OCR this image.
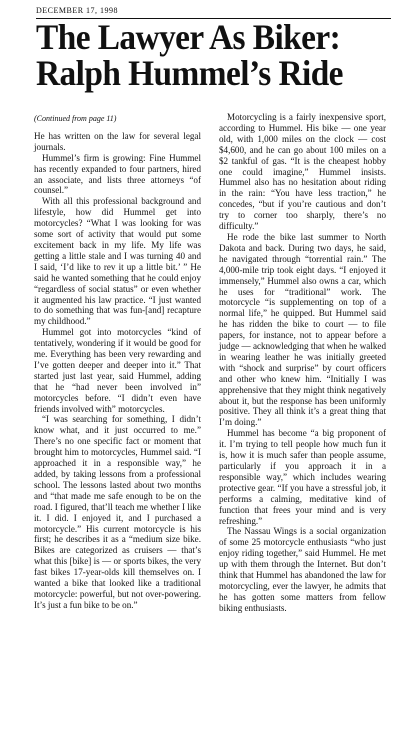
DECEMBER 17, 1998
The Lawyer As Biker:
Ralph Hummel’s Ride

(Continued from page 11)

He has written on the law for several legal journals.

Hummel’s firm is growing: Fine Hummel has recently expanded to four partners, hired an associate, and lists three attorneys “of counsel.”

With all this professional background and lifestyle, how did Hummel get into motorcycles? “What I was looking for was some sort of activity that would put some excitement back in my life. My life was getting a little stale and I was turning 40 and I said, ‘I’d like to rev it up a little bit.’ ” He said he wanted something that he could enjoy “regardless of social status” or even whether it augmented his law practice. “I just wanted to do something that was fun-[and] recapture my childhood.”

Hummel got into motorcycles “kind of tentatively, wondering if it would be good for me. Everything has been very rewarding and I’ve gotten deeper and deeper into it.” That started just last year, said Hummel, adding that he “had never been involved in” motorcycles before. “I didn’t even have friends involved with” motorcycles.

“I was searching for something, I didn’t know what, and it just occurred to me.” There’s no one specific fact or moment that brought him to motorcycles, Hummel said. “I approached it in a responsible way,” he added, by taking lessons from a professional school. The lessons lasted about two months and “that made me safe enough to be on the road. I figured, that’ll teach me whether I like it. I did. I enjoyed it, and I purchased a motorcycle.” His current motorcycle is his first; he describes it as a “medium size bike. Bikes are categorized as cruisers — that’s what this [bike] is — or sports bikes, the very fast bikes 17-year-olds kill themselves on. I wanted a bike that looked like a traditional motorcycle: powerful, but not over-powering. It’s just a fun bike to be on.”

Motorcycling is a fairly inexpensive sport, according to Hummel. His bike — one year old, with 1,000 miles on the clock — cost $4,600, and he can go about 100 miles on a $2 tankful of gas. “It is the cheapest hobby one could imagine,” Hummel insists. Hummel also has no hesitation about riding in the rain: “You have less traction,” he concedes, “but if you’re cautious and don’t try to corner too sharply, there’s no difficulty.”

He rode the bike last summer to North Dakota and back. During two days, he said, he navigated through “torrential rain.” The 4,000-mile trip took eight days. “I enjoyed it immensely,” Hummel also owns a car, which he uses for “traditional” work. The motorcycle “is supplementing on top of a normal life,” he quipped. But Hummel said he has ridden the bike to court — to file papers, for instance, not to appear before a judge — acknowledging that when he walked in wearing leather he was initially greeted with “shock and surprise” by court officers and other who knew him. “Initially I was apprehensive that they might think negatively about it, but the response has been uniformly positive. They all think it’s a great thing that I’m doing.”

Hummel has become “a big proponent of it. I’m trying to tell people how much fun it is, how it is much safer than people assume, particularly if you approach it in a responsible way,” which includes wearing protective gear. “If you have a stressful job, it performs a calming, meditative kind of function that frees your mind and is very refreshing.”

The Nassau Wings is a social organization of some 25 motorcycle enthusiasts “who just enjoy riding together,” said Hummel. He met up with them through the Internet. But don’t think that Hummel has abandoned the law for motorcycling, ever the lawyer, he admits that he has gotten some matters from fellow biking enthusiasts.
